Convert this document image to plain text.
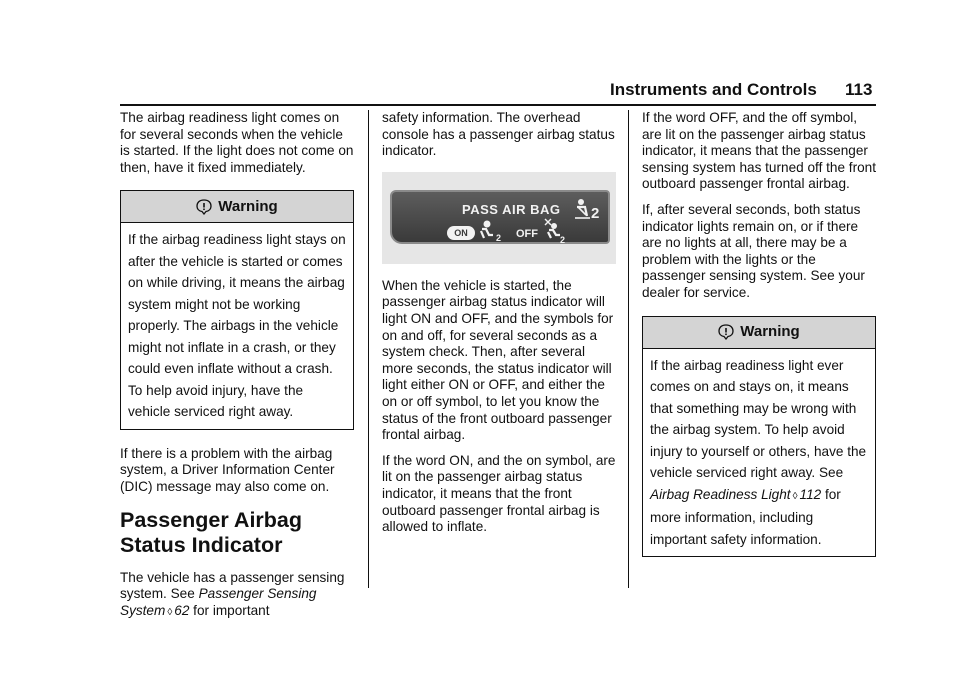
Instruments and Controls 113

The airbag readiness light comes on for several seconds when the vehicle is started. If the light does not come on then, have it fixed immediately.

Warning
If the airbag readiness light stays on after the vehicle is started or comes on while driving, it means the airbag system might not be working properly. The airbags in the vehicle might not inflate in a crash, or they could even inflate without a crash. To help avoid injury, have the vehicle serviced right away.

If there is a problem with the airbag system, a Driver Information Center (DIC) message may also come on.

Passenger Airbag Status Indicator

The vehicle has a passenger sensing system. See Passenger Sensing System ◊ 62 for important

safety information. The overhead console has a passenger airbag status indicator.

PASS AIR BAG
ON	2 OFF 2
2

When the vehicle is started, the passenger airbag status indicator will light ON and OFF, and the symbols for on and off, for several seconds as a system check. Then, after several more seconds, the status indicator will light either ON or OFF, and either the on or off symbol, to let you know the status of the front outboard passenger frontal airbag.

If the word ON, and the on symbol, are lit on the passenger airbag status indicator, it means that the front outboard passenger frontal airbag is allowed to inflate.

If the word OFF, and the off symbol, are lit on the passenger airbag status indicator, it means that the passenger sensing system has turned off the front outboard passenger frontal airbag.

If, after several seconds, both status indicator lights remain on, or if there are no lights at all, there may be a problem with the lights or the passenger sensing system. See your dealer for service.

Warning
If the airbag readiness light ever comes on and stays on, it means that something may be wrong with the airbag system. To help avoid injury to yourself or others, have the vehicle serviced right away. See Airbag Readiness Light ◊ 112 for more information, including important safety information.
